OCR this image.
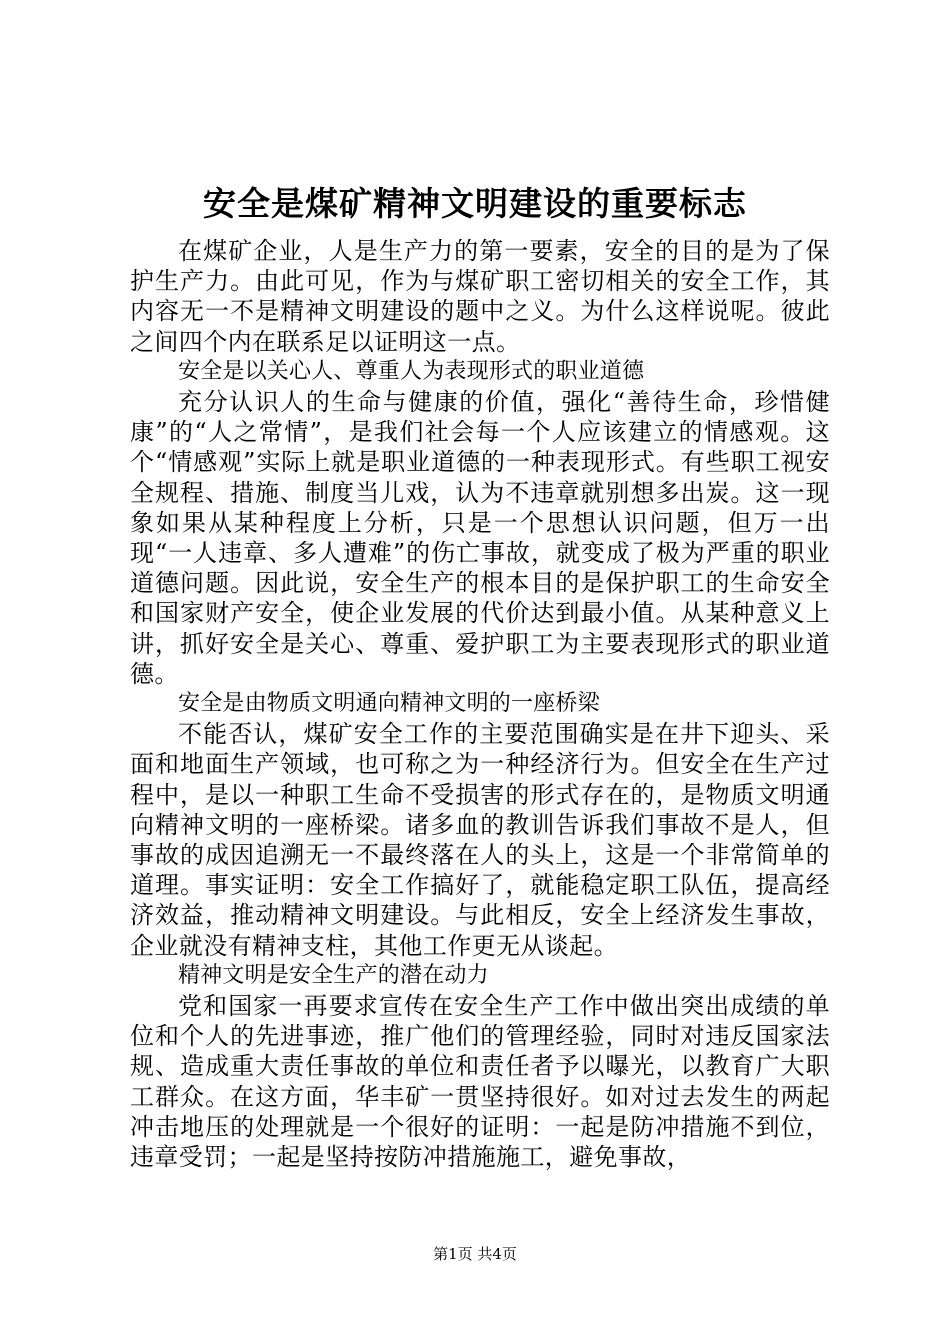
安全是煤矿精神文明建设的重要标志

在煤矿企业，人是生产力的第一要素，安全的目的是为了保护生产力。由此可见，作为与煤矿职工密切相关的安全工作，其内容无一不是精神文明建设的题中之义。为什么这样说呢。彼此之间四个内在联系足以证明这一点。

安全是以关心人、尊重人为表现形式的职业道德

充分认识人的生命与健康的价值，强化“善待生命，珍惜健康”的“人之常情”，是我们社会每一个人应该建立的情感观。这个“情感观”实际上就是职业道德的一种表现形式。有些职工视安全规程、措施、制度当儿戏，认为不违章就别想多出炭。这一现象如果从某种程度上分析，只是一个思想认识问题，但万一出现“一人违章、多人遭难”的伤亡事故，就变成了极为严重的职业道德问题。因此说，安全生产的根本目的是保护职工的生命安全和国家财产安全，使企业发展的代价达到最小值。从某种意义上讲，抓好安全是关心、尊重、爱护职工为主要表现形式的职业道德。

安全是由物质文明通向精神文明的一座桥梁

不能否认，煤矿安全工作的主要范围确实是在井下迎头、采面和地面生产领域，也可称之为一种经济行为。但安全在生产过程中，是以一种职工生命不受损害的形式存在的，是物质文明通向精神文明的一座桥梁。诸多血的教训告诉我们事故不是人，但事故的成因追溯无一不最终落在人的头上，这是一个非常简单的道理。事实证明：安全工作搞好了，就能稳定职工队伍，提高经济效益，推动精神文明建设。与此相反，安全上经济发生事故，企业就没有精神支柱，其他工作更无从谈起。

精神文明是安全生产的潜在动力

党和国家一再要求宣传在安全生产工作中做出突出成绩的单位和个人的先进事迹，推广他们的管理经验，同时对违反国家法规、造成重大责任事故的单位和责任者予以曝光，以教育广大职工群众。在这方面，华丰矿一贯坚持很好。如对过去发生的两起冲击地压的处理就是一个很好的证明：一起是防冲措施不到位，违章受罚；一起是坚持按防冲措施施工，避免事故，

第1页 共4页
